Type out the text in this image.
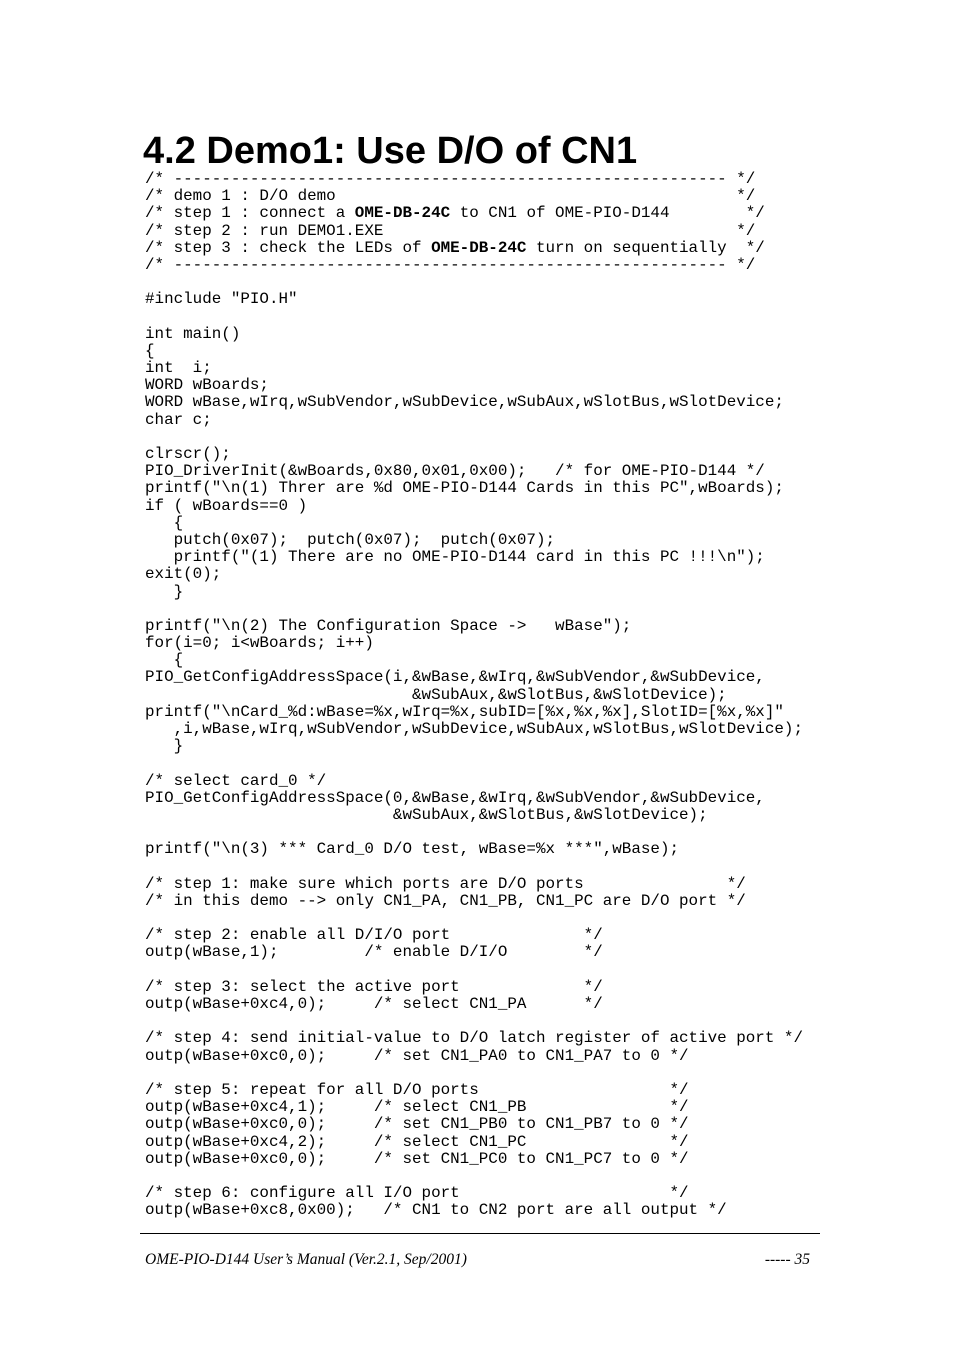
4.2 Demo1: Use D/O of CN1
/* ---------------------------------------------------------- */
/* demo 1 : D/O demo                                          */
/* step 1 : connect a OME-DB-24C to CN1 of OME-PIO-D144        */
/* step 2 : run DEMO1.EXE                                     */
/* step 3 : check the LEDs of OME-DB-24C turn on sequentially  */
/* ---------------------------------------------------------- */
#include "PIO.H"
int main()
{
int  i;
WORD wBoards;
WORD wBase,wIrq,wSubVendor,wSubDevice,wSubAux,wSlotBus,wSlotDevice;
char c;
clrscr();
PIO_DriverInit(&wBoards,0x80,0x01,0x00);   /* for OME-PIO-D144 */
printf("\n(1) Threr are %d OME-PIO-D144 Cards in this PC",wBoards);
if ( wBoards==0 )
{
putch(0x07);  putch(0x07);  putch(0x07);
printf("(1) There are no OME-PIO-D144 card in this PC !!!\n");
exit(0);
}
printf("\n(2) The Configuration Space ->   wBase");
for(i=0; i<wBoards; i++)
{
PIO_GetConfigAddressSpace(i,&wBase,&wIrq,&wSubVendor,&wSubDevice,
&wSubAux,&wSlotBus,&wSlotDevice);
printf("\nCard_%d:wBase=%x,wIrq=%x,subID=[%x,%x,%x],SlotID=[%x,%x]"
,i,wBase,wIrq,wSubVendor,wSubDevice,wSubAux,wSlotBus,wSlotDevice);
}
/* select card_0 */
PIO_GetConfigAddressSpace(0,&wBase,&wIrq,&wSubVendor,&wSubDevice,
&wSubAux,&wSlotBus,&wSlotDevice);
printf("\n(3) *** Card_0 D/O test, wBase=%x ***",wBase);
/* step 1: make sure which ports are D/O ports               */
/* in this demo --> only CN1_PA, CN1_PB, CN1_PC are D/O port */
/* step 2: enable all D/I/O port              */
outp(wBase,1);         /* enable D/I/O        */
/* step 3: select the active port             */
outp(wBase+0xc4,0);     /* select CN1_PA      */
/* step 4: send initial-value to D/O latch register of active port */
outp(wBase+0xc0,0);     /* set CN1_PA0 to CN1_PA7 to 0 */
/* step 5: repeat for all D/O ports                    */
outp(wBase+0xc4,1);     /* select CN1_PB               */
outp(wBase+0xc0,0);     /* set CN1_PB0 to CN1_PB7 to 0 */
outp(wBase+0xc4,2);     /* select CN1_PC               */
outp(wBase+0xc0,0);     /* set CN1_PC0 to CN1_PC7 to 0 */
/* step 6: configure all I/O port                      */
outp(wBase+0xc8,0x00);   /* CN1 to CN2 port are all output */
OME-PIO-D144 User’s Manual (Ver.2.1, Sep/2001)	----- 35
